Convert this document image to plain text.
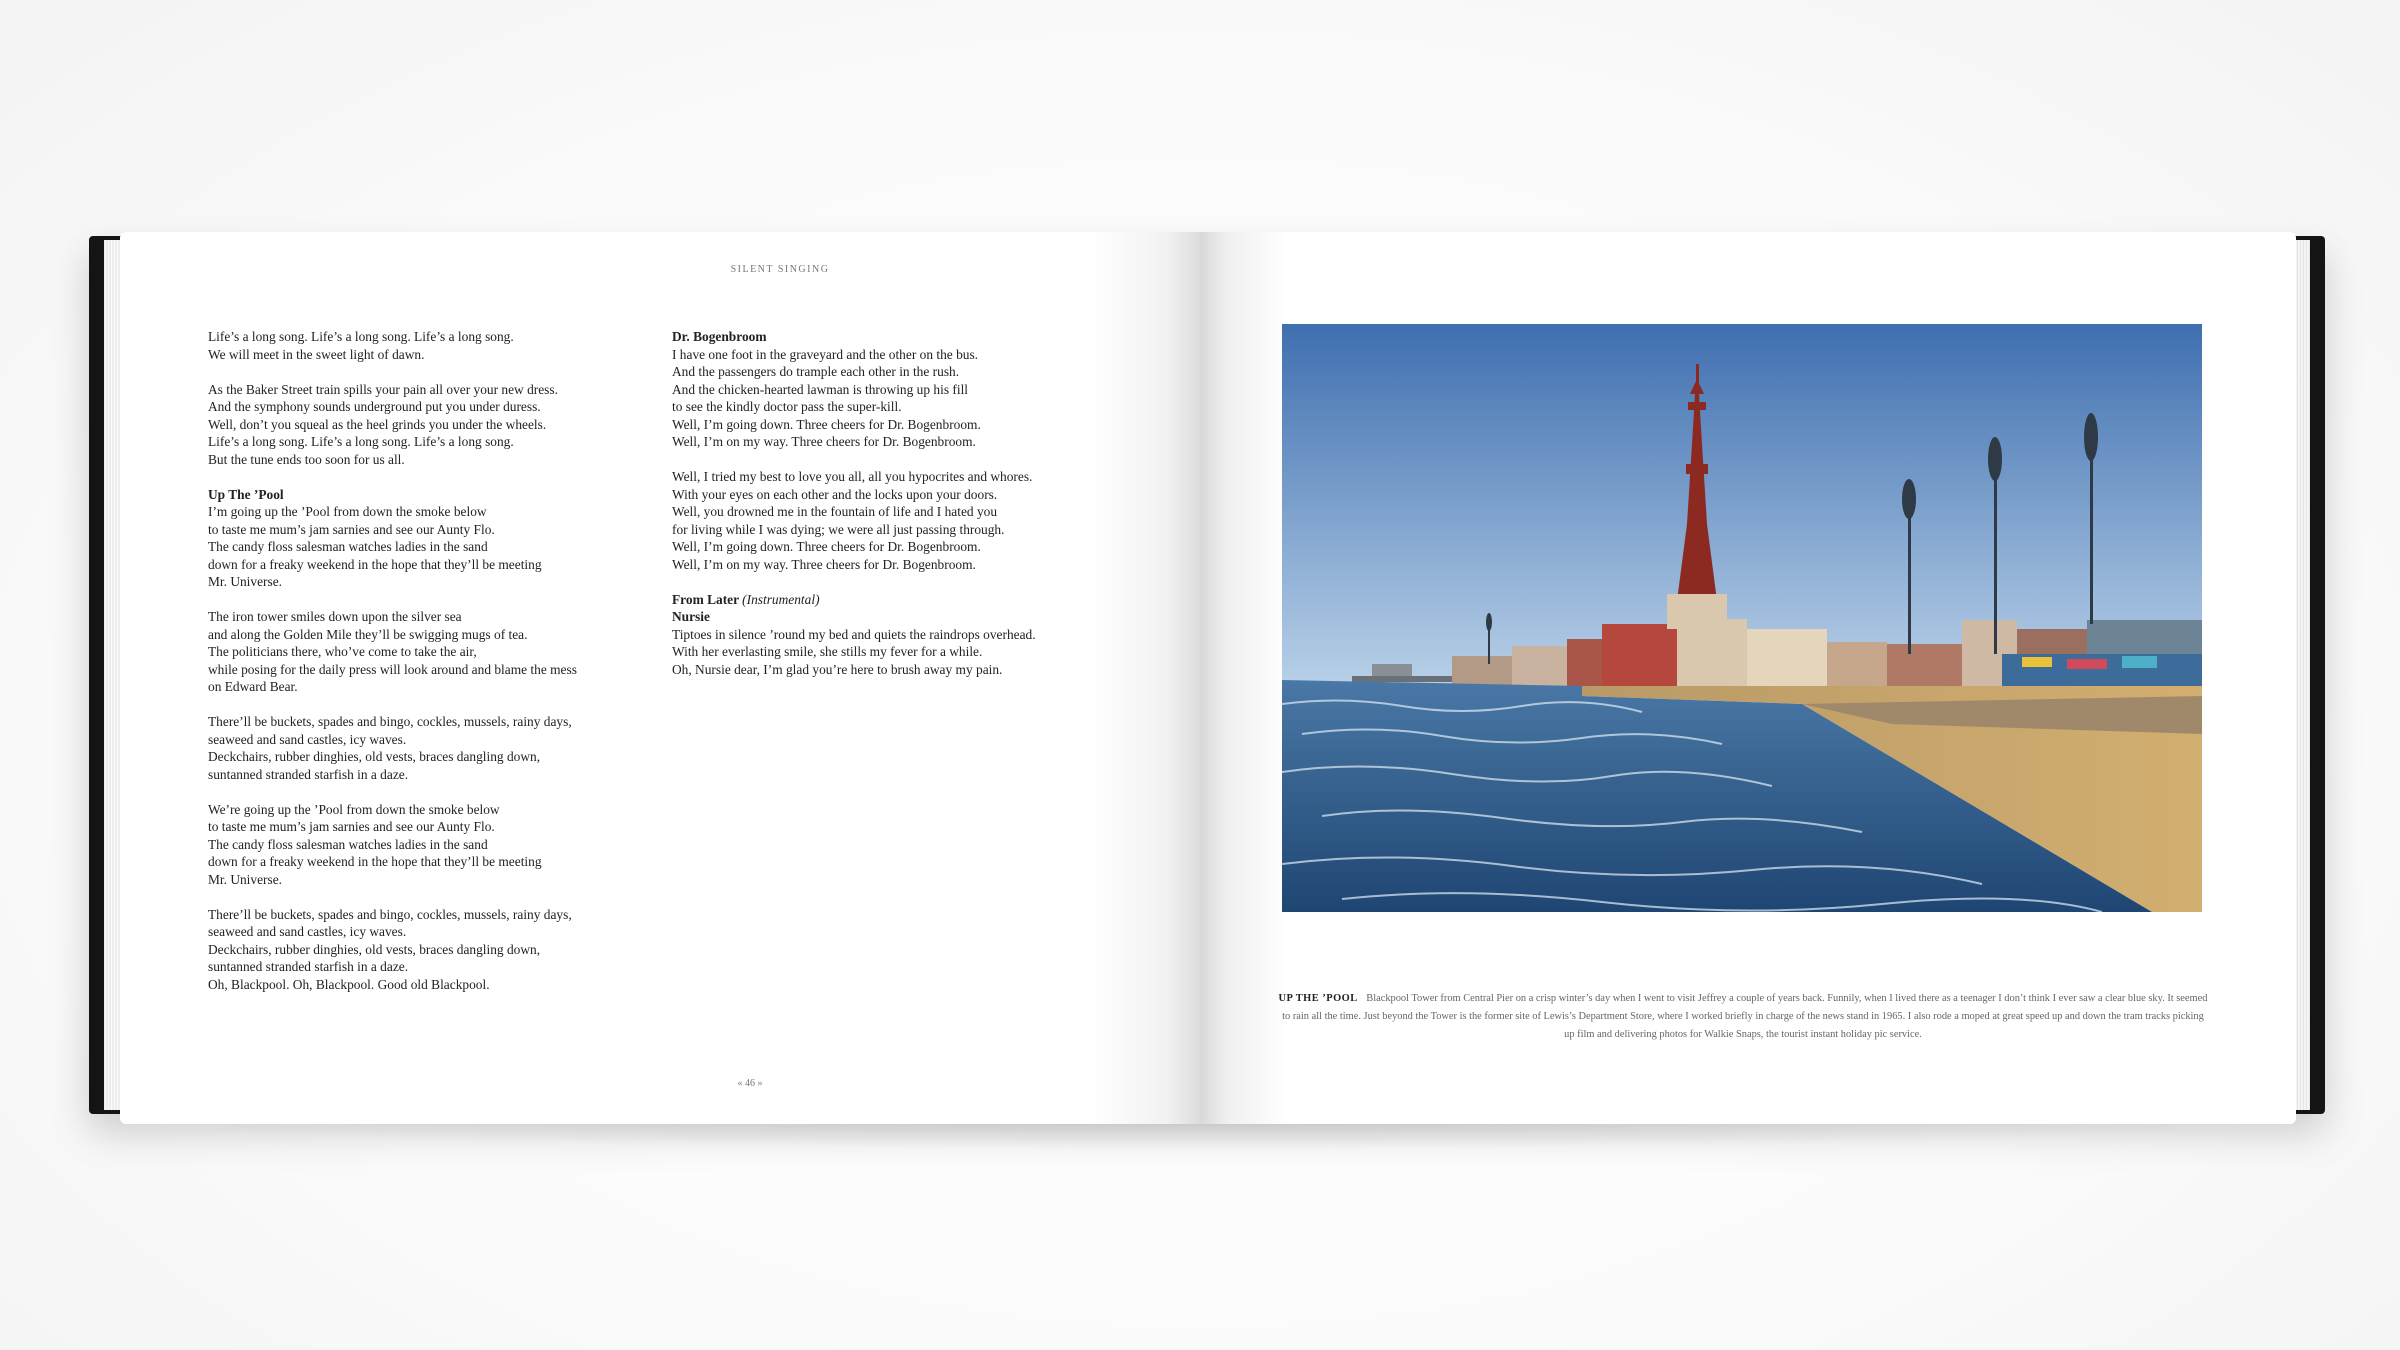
SILENT SINGING

Life’s a long song. Life’s a long song. Life’s a long song.

We will meet in the sweet light of dawn.

As the Baker Street train spills your pain all over your new dress.

And the symphony sounds underground put you under duress.

Well, don’t you squeal as the heel grinds you under the wheels.

Life’s a long song. Life’s a long song. Life’s a long song.

But the tune ends too soon for us all.

Up The ’Pool

I’m going up the ’Pool from down the smoke below

to taste me mum’s jam sarnies and see our Aunty Flo.

The candy floss salesman watches ladies in the sand

down for a freaky weekend in the hope that they’ll be meeting

Mr. Universe.

The iron tower smiles down upon the silver sea

and along the Golden Mile they’ll be swigging mugs of tea.

The politicians there, who’ve come to take the air,

while posing for the daily press will look around and blame the mess

on Edward Bear.

There’ll be buckets, spades and bingo, cockles, mussels, rainy days,

seaweed and sand castles, icy waves.

Deckchairs, rubber dinghies, old vests, braces dangling down,

suntanned stranded starfish in a daze.

We’re going up the ’Pool from down the smoke below

to taste me mum’s jam sarnies and see our Aunty Flo.

The candy floss salesman watches ladies in the sand

down for a freaky weekend in the hope that they’ll be meeting

Mr. Universe.

There’ll be buckets, spades and bingo, cockles, mussels, rainy days,

seaweed and sand castles, icy waves.

Deckchairs, rubber dinghies, old vests, braces dangling down,

suntanned stranded starfish in a daze.

Oh, Blackpool. Oh, Blackpool. Good old Blackpool.

Dr. Bogenbroom

I have one foot in the graveyard and the other on the bus.

And the passengers do trample each other in the rush.

And the chicken-hearted lawman is throwing up his fill

to see the kindly doctor pass the super-kill.

Well, I’m going down. Three cheers for Dr. Bogenbroom.

Well, I’m on my way. Three cheers for Dr. Bogenbroom.

Well, I tried my best to love you all, all you hypocrites and whores.

With your eyes on each other and the locks upon your doors.

Well, you drowned me in the fountain of life and I hated you

for living while I was dying; we were all just passing through.

Well, I’m going down. Three cheers for Dr. Bogenbroom.

Well, I’m on my way. Three cheers for Dr. Bogenbroom.

From Later (Instrumental)

Nursie

Tiptoes in silence ’round my bed and quiets the raindrops overhead.

With her everlasting smile, she stills my fever for a while.

Oh, Nursie dear, I’m glad you’re here to brush away my pain.

« 46 »
UP THE ’POOL Blackpool Tower from Central Pier on a crisp winter’s day when I went to visit Jeffrey a couple of years back. Funnily, when I lived there as a teenager I don’t think I ever saw a clear blue sky. It seemed to rain all the time. Just beyond the Tower is the former site of Lewis’s Department Store, where I worked briefly in charge of the news stand in 1965. I also rode a moped at great speed up and down the tram tracks picking up film and delivering photos for Walkie Snaps, the tourist instant holiday pic service.
